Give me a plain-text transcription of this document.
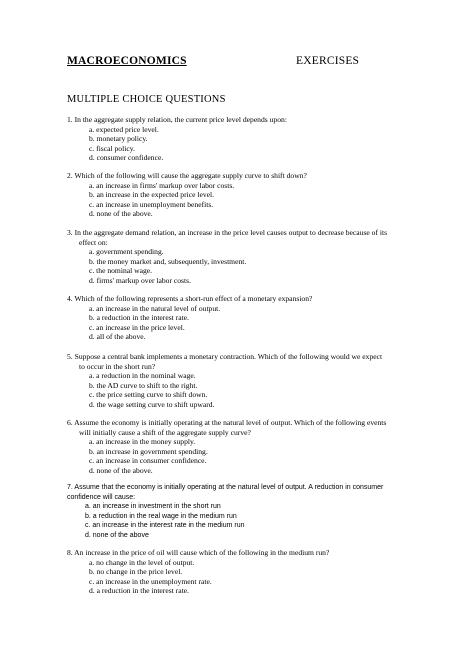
MACROECONOMICS	EXERCISES
MULTIPLE CHOICE QUESTIONS
1. In the aggregate supply relation, the current price level depends upon:
a. expected price level.
b. monetary policy.
c. fiscal policy.
d. consumer confidence.
2. Which of the following will cause the aggregate supply curve to shift down?
a. an increase in firms' markup over labor costs.
b. an increase in the expected price level.
c. an increase in unemployment benefits.
d. none of the above.
3. In the aggregate demand relation, an increase in the price level causes output to decrease because of its
effect on:
a. government spending.
b. the money market and, subsequently, investment.
c. the nominal wage.
d. firms' markup over labor costs.
4. Which of the following represents a short-run effect of a monetary expansion?
a. an increase in the natural level of output.
b. a reduction in the interest rate.
c. an increase in the price level.
d. all of the above.
5. Suppose a central bank implements a monetary contraction. Which of the following would we expect
to occur in the short run?
a. a reduction in the nominal wage.
b. the AD curve to shift to the right.
c. the price setting curve to shift down.
d. the wage setting curve to shift upward.
6. Assume the economy is initially operating at the natural level of output. Which of the following events
will initially cause a shift of the aggregate supply curve?
a. an increase in the money supply.
b. an increase in government spending.
c. an increase in consumer confidence.
d. none of the above.
7. Assume that the economy is initially operating at the natural level of output. A reduction in consumer
confidence will cause:
a. an increase in investment in the short run
b. a reduction in the real wage in the medium run
c. an increase in the interest rate in the medium run
d. none of the above
8. An increase in the price of oil will cause which of the following in the medium run?
a. no change in the level of output.
b. no change in the price level.
c. an increase in the unemployment rate.
d. a reduction in the interest rate.
